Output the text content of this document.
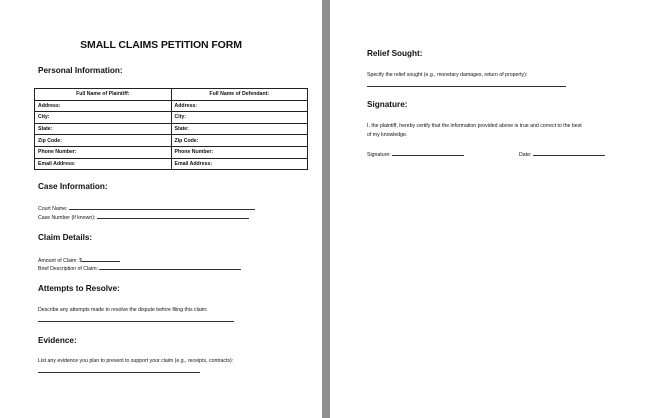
SMALL CLAIMS PETITION FORM
Personal Information:
Full Name of Plaintiff:	Full Name of Defendant:
Address:	Address:
City:	City:
State:	State:
Zip Code:	Zip Code:
Phone Number:	Phone Number:
Email Address:	Email Address:
Case Information:
Court Name:
Case Number (if known):
Claim Details:
Amount of Claim: $
Brief Description of Claim:
Attempts to Resolve:
Describe any attempts made to resolve the dispute before filing this claim:
Evidence:
List any evidence you plan to present to support your claim (e.g., receipts, contracts):
Relief Sought:
Specify the relief sought (e.g., monetary damages, return of property):
Signature:
I, the plaintiff, hereby certify that the information provided above is true and correct to the best
of my knowledge.
Signature:	Date:
